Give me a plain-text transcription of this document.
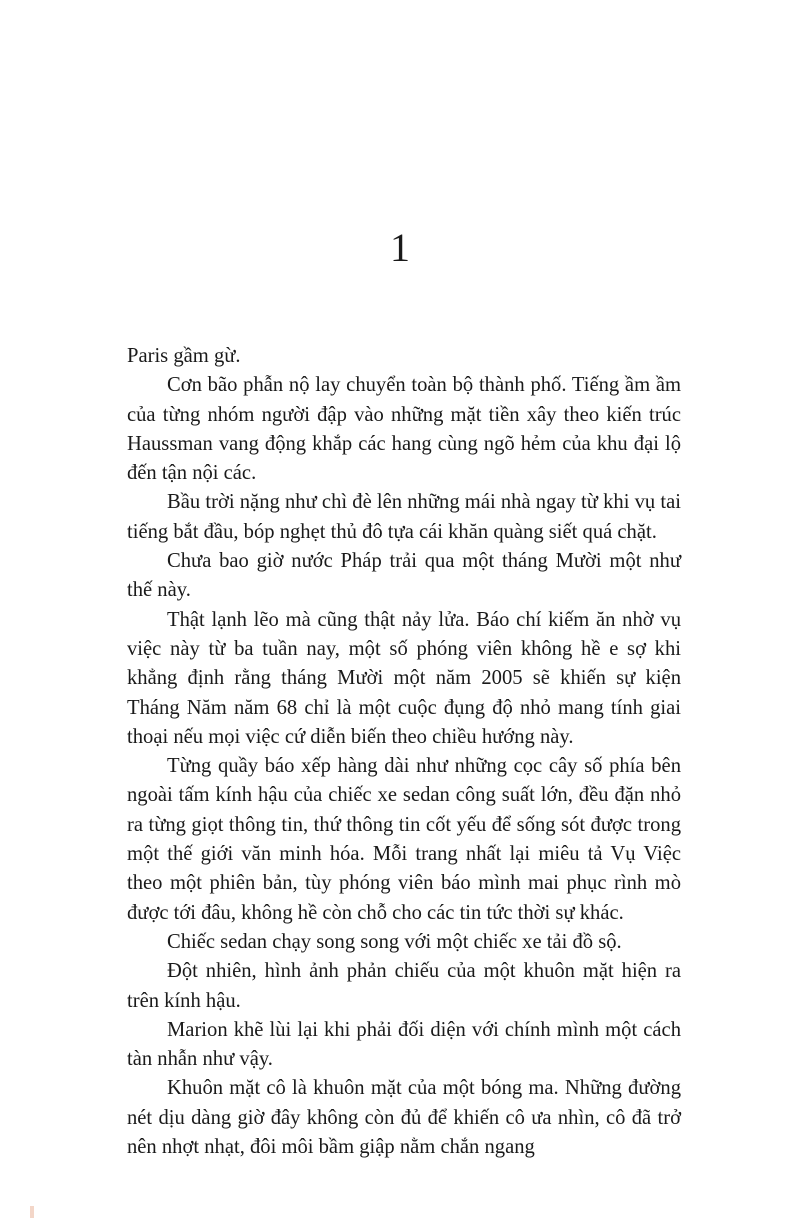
1

Paris gầm gừ.

Cơn bão phẫn nộ lay chuyển toàn bộ thành phố. Tiếng ầm ầm của từng nhóm người đập vào những mặt tiền xây theo kiến trúc Haussman vang động khắp các hang cùng ngõ hẻm của khu đại lộ đến tận nội các.

Bầu trời nặng như chì đè lên những mái nhà ngay từ khi vụ tai tiếng bắt đầu, bóp nghẹt thủ đô tựa cái khăn quàng siết quá chặt.

Chưa bao giờ nước Pháp trải qua một tháng Mười một như thế này.

Thật lạnh lẽo mà cũng thật nảy lửa. Báo chí kiếm ăn nhờ vụ việc này từ ba tuần nay, một số phóng viên không hề e sợ khi khẳng định rằng tháng Mười một năm 2005 sẽ khiến sự kiện Tháng Năm năm 68 chỉ là một cuộc đụng độ nhỏ mang tính giai thoại nếu mọi việc cứ diễn biến theo chiều hướng này.

Từng quầy báo xếp hàng dài như những cọc cây số phía bên ngoài tấm kính hậu của chiếc xe sedan công suất lớn, đều đặn nhỏ ra từng giọt thông tin, thứ thông tin cốt yếu để sống sót được trong một thế giới văn minh hóa. Mỗi trang nhất lại miêu tả Vụ Việc theo một phiên bản, tùy phóng viên báo mình mai phục rình mò được tới đâu, không hề còn chỗ cho các tin tức thời sự khác.

Chiếc sedan chạy song song với một chiếc xe tải đồ sộ.

Đột nhiên, hình ảnh phản chiếu của một khuôn mặt hiện ra trên kính hậu.

Marion khẽ lùi lại khi phải đối diện với chính mình một cách tàn nhẫn như vậy.

Khuôn mặt cô là khuôn mặt của một bóng ma. Những đường nét dịu dàng giờ đây không còn đủ để khiến cô ưa nhìn, cô đã trở nên nhợt nhạt, đôi môi bầm giập nằm chắn ngang
